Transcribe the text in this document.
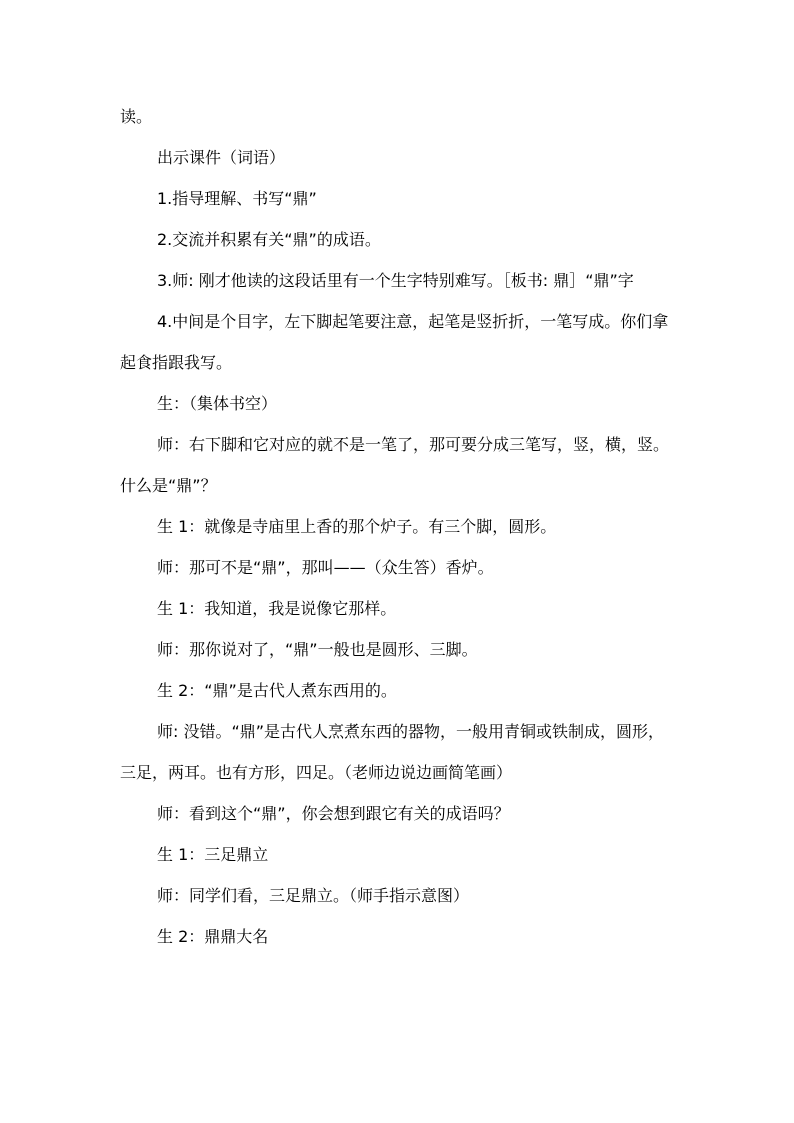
读。

出示课件（词语）

1.指导理解、书写“鼎”

2.交流并积累有关“鼎”的成语。

3.师: 刚才他读的这段话里有一个生字特别难写。［板书: 鼎］“鼎”字

4.中间是个目字，左下脚起笔要注意，起笔是竖折折，一笔写成。你们拿起食指跟我写。

生：（集体书空）

师：右下脚和它对应的就不是一笔了，那可要分成三笔写，竖，横，竖。什么是“鼎”？

生 1：就像是寺庙里上香的那个炉子。有三个脚，圆形。

师：那可不是“鼎”，那叫——（众生答）香炉。

生 1：我知道，我是说像它那样。

师：那你说对了，“鼎”一般也是圆形、三脚。

生 2：“鼎”是古代人煮东西用的。

师: 没错。“鼎”是古代人烹煮东西的器物，一般用青铜或铁制成，圆形，三足，两耳。也有方形，四足。（老师边说边画简笔画）

师：看到这个“鼎”，你会想到跟它有关的成语吗？

生 1：三足鼎立

师：同学们看，三足鼎立。（师手指示意图）

生 2：鼎鼎大名
